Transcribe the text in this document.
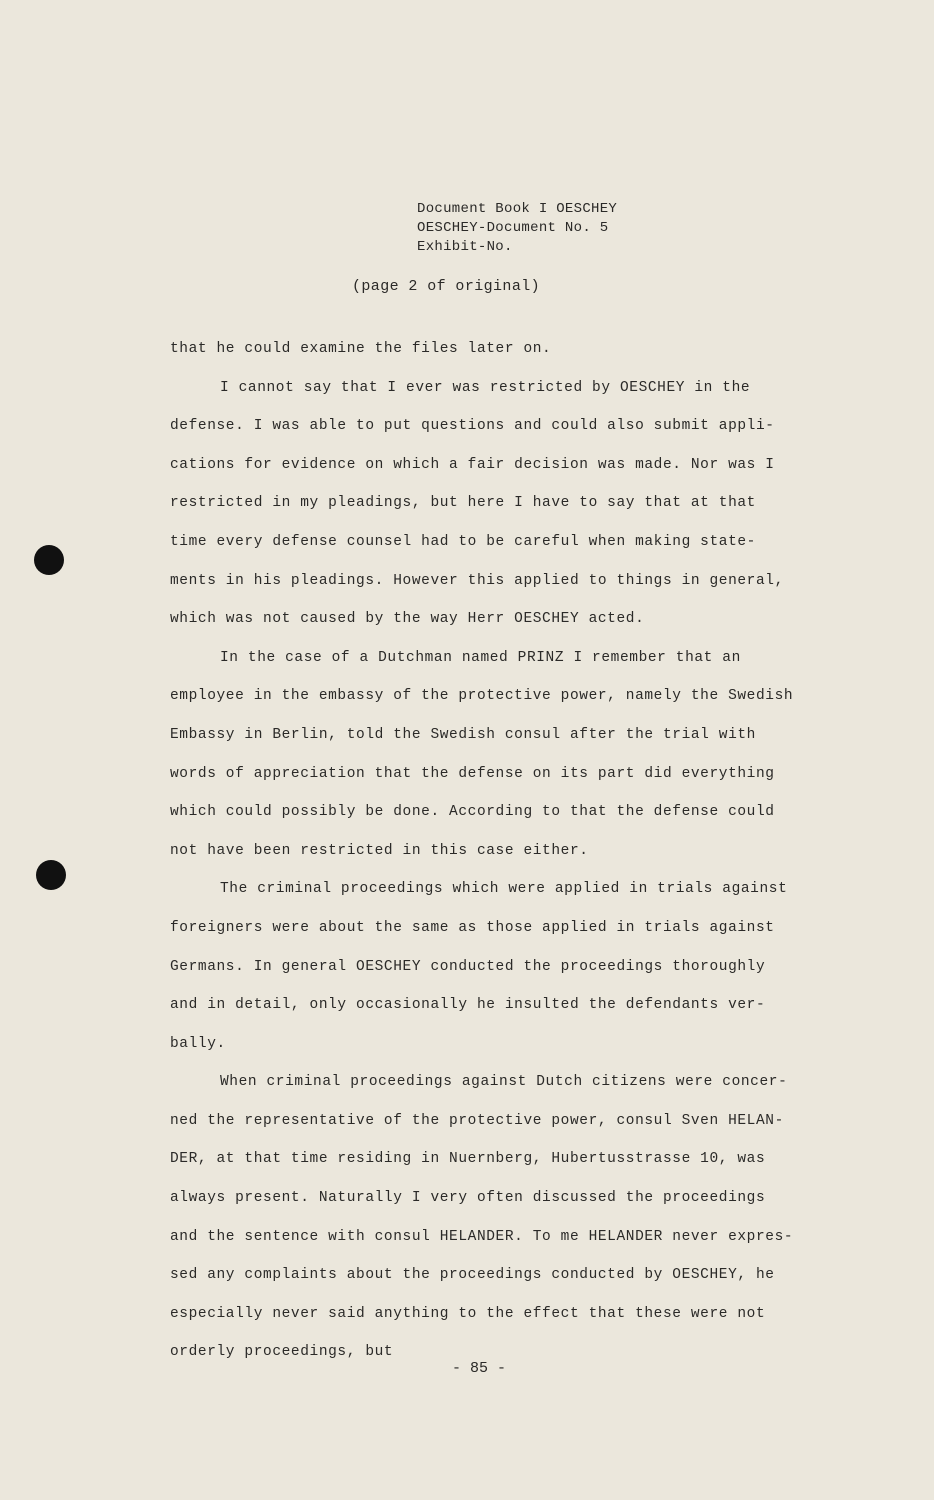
Document Book I OESCHEY
OESCHEY-Document No. 5
Exhibit-No.
(page 2 of original)
that he could examine the files later on.
I cannot say that I ever was restricted by OESCHEY in the
defense. I was able to put questions and could also submit appli-
cations for evidence on which a fair decision was made. Nor was I
restricted in my pleadings, but here I have to say that at that
time every defense counsel had to be careful when making state-
ments in his pleadings. However this applied to things in general,
which was not caused by the way Herr OESCHEY acted.
In the case of a Dutchman named PRINZ I remember that an
employee in the embassy of the protective power, namely the Swedish
Embassy in Berlin, told the Swedish consul after the trial with
words of appreciation that the defense on its part did everything
which could possibly be done. According to that the defense could
not have been restricted in this case either.
The criminal proceedings which were applied in trials against
foreigners were about the same as those applied in trials against
Germans. In general OESCHEY conducted the proceedings thoroughly
and in detail, only occasionally he insulted the defendants ver-
bally.
When criminal proceedings against Dutch citizens were concer-
ned the representative of the protective power, consul Sven HELAN-
DER, at that time residing in Nuernberg, Hubertusstrasse 10, was
always present. Naturally I very often discussed the proceedings
and the sentence with consul HELANDER. To me HELANDER never expres-
sed any complaints about the proceedings conducted by OESCHEY, he
especially never said anything to the effect that these were not
orderly proceedings, but
- 85 -
